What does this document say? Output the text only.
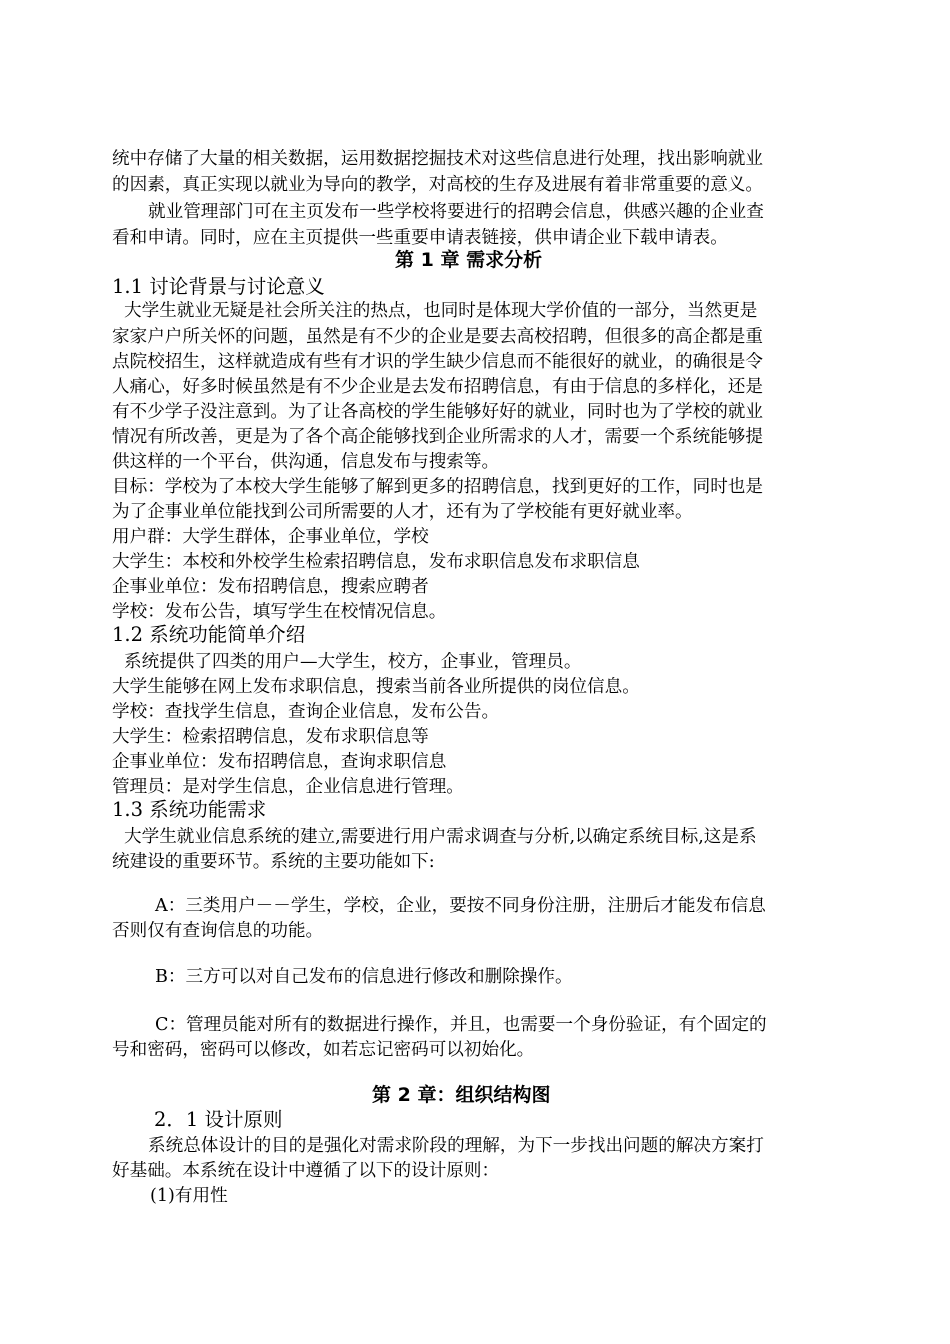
统中存储了大量的相关数据，运用数据挖掘技术对这些信息进行处理，找出影响就业
的因素，真正实现以就业为导向的教学，对高校的生存及进展有着非常重要的意义。
就业管理部门可在主页发布一些学校将要进行的招聘会信息，供感兴趣的企业查
看和申请。同时，应在主页提供一些重要申请表链接，供申请企业下载申请表。
第 1 章 需求分析
1.1 讨论背景与讨论意义
大学生就业无疑是社会所关注的热点，也同时是体现大学价值的一部分，当然更是
家家户户所关怀的问题，虽然是有不少的企业是要去高校招聘，但很多的高企都是重
点院校招生，这样就造成有些有才识的学生缺少信息而不能很好的就业，的确很是令
人痛心，好多时候虽然是有不少企业是去发布招聘信息，有由于信息的多样化，还是
有不少学子没注意到。为了让各高校的学生能够好好的就业，同时也为了学校的就业
情况有所改善，更是为了各个高企能够找到企业所需求的人才，需要一个系统能够提
供这样的一个平台，供沟通，信息发布与搜索等。
目标：学校为了本校大学生能够了解到更多的招聘信息，找到更好的工作，同时也是
为了企事业单位能找到公司所需要的人才，还有为了学校能有更好就业率。
用户群：大学生群体，企事业单位，学校
大学生：本校和外校学生检索招聘信息，发布求职信息发布求职信息
企事业单位：发布招聘信息，搜索应聘者
学校：发布公告，填写学生在校情况信息。
1.2 系统功能简单介绍
系统提供了四类的用户—大学生，校方，企事业，管理员。
大学生能够在网上发布求职信息，搜索当前各业所提供的岗位信息。
学校：查找学生信息，查询企业信息，发布公告。
大学生：检索招聘信息，发布求职信息等
企事业单位：发布招聘信息，查询求职信息
管理员：是对学生信息，企业信息进行管理。
1.3 系统功能需求
大学生就业信息系统的建立,需要进行用户需求调查与分析,以确定系统目标,这是系
统建设的重要环节。系统的主要功能如下:
A：三类用户－－学生，学校，企业，要按不同身份注册，注册后才能发布信息
否则仅有查询信息的功能。
B：三方可以对自己发布的信息进行修改和删除操作。
C：管理员能对所有的数据进行操作，并且，也需要一个身份验证，有个固定的
号和密码，密码可以修改，如若忘记密码可以初始化。
第 2 章：组织结构图
2．1 设计原则
系统总体设计的目的是强化对需求阶段的理解，为下一步找出问题的解决方案打
好基础。本系统在设计中遵循了以下的设计原则：
(1)有用性
